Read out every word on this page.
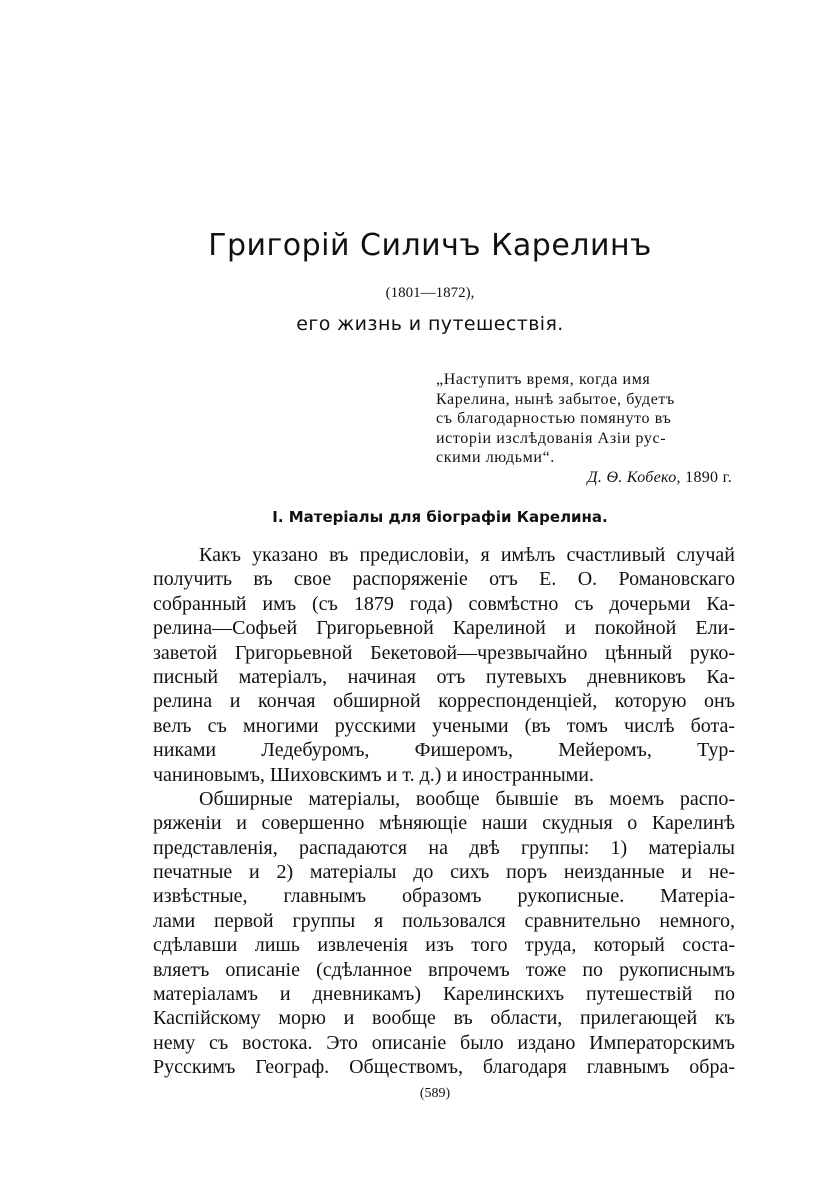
Григорій Силичъ Карелинъ
(1801—1872),
его жизнь и путешествія.
„Наступитъ время, когда имя
Карелина, нынѣ забытое, будетъ
съ благодарностью помянуто въ
исторіи изслѣдованія Азіи рус-
скими людьми“.
Д. Ѳ. Кобеко, 1890 г.
I. Матеріалы для біографіи Карелина.
Какъ указано въ предисловіи, я имѣлъ счастливый случай
получить въ свое распоряженіе отъ Е. О. Романовскаго
собранный имъ (съ 1879 года) совмѣстно съ дочерьми Ка-
релина—Софьей Григорьевной Карелиной и покойной Ели-
заветой Григорьевной Бекетовой—чрезвычайно цѣнный руко-
писный матеріалъ, начиная отъ путевыхъ дневниковъ Ка-
релина и кончая обширной корреспонденціей, которую онъ
велъ съ многими русскими учеными (въ томъ числѣ бота-
никами Ледебуромъ, Фишеромъ, Мейеромъ, Тур-
чаниновымъ, Шиховскимъ и т. д.) и иностранными.
Обширные матеріалы, вообще бывшіе въ моемъ распо-
ряженіи и совершенно мѣняющіе наши скудныя о Карелинѣ
представленія, распадаются на двѣ группы: 1) матеріалы
печатные и 2) матеріалы до сихъ поръ неизданные и не-
извѣстные, главнымъ образомъ рукописные. Матеріа-
лами первой группы я пользовался сравнительно немного,
сдѣлавши лишь извлеченія изъ того труда, который соста-
вляетъ описаніе (сдѣланное впрочемъ тоже по рукописнымъ
матеріаламъ и дневникамъ) Карелинскихъ путешествій по
Каспійскому морю и вообще въ области, прилегающей къ
нему съ востока. Это описаніе было издано Императорскимъ
Русскимъ Географ. Обществомъ, благодаря главнымъ обра-
(589)
